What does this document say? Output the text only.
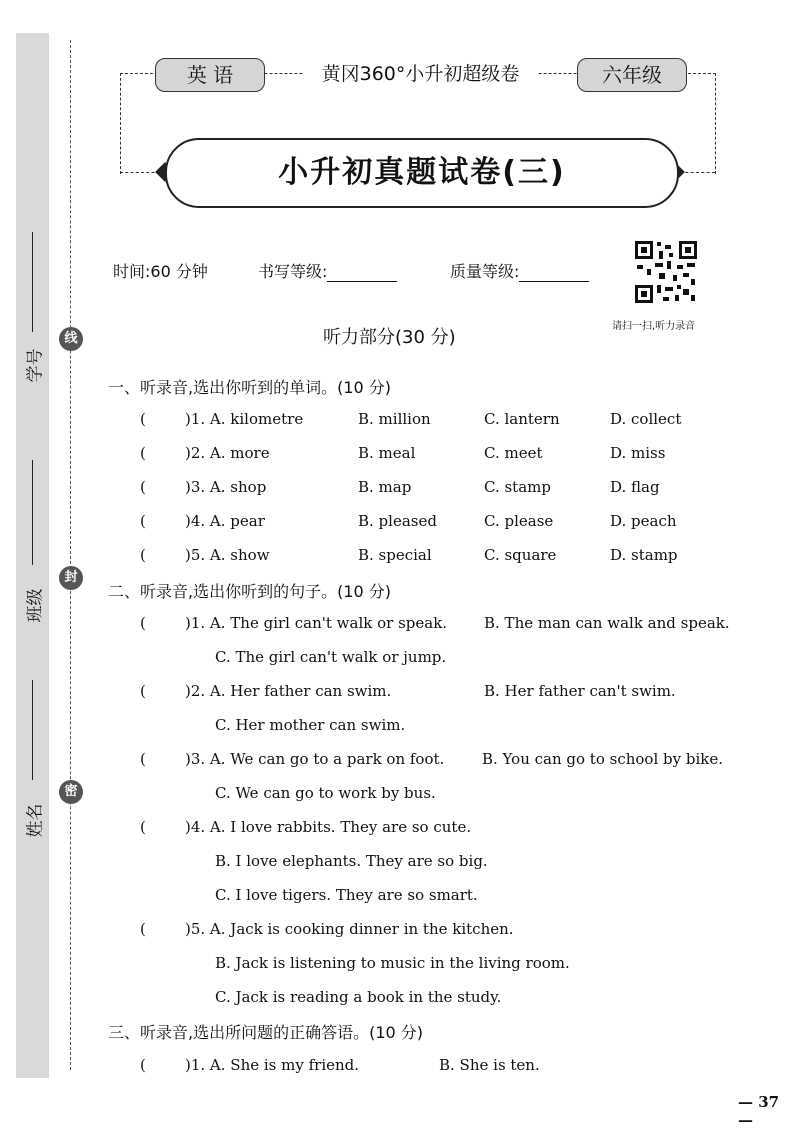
学号
班级
姓名
线
封
密
英 语	黄冈360°小升初超级卷	六年级
小升初真题试卷(三)
时间:60 分钟	书写等级:	质量等级:
请扫一扫,听力录音
听力部分(30 分)
一、听录音,选出你听到的单词。(10 分)
(	)1. A. kilometre	B. million	C. lantern	D. collect
(	)2. A. more	B. meal	C. meet	D. miss
(	)3. A. shop	B. map	C. stamp	D. flag
(	)4. A. pear	B. pleased	C. please	D. peach
(	)5. A. show	B. special	C. square	D. stamp
二、听录音,选出你听到的句子。(10 分)
(	)1. A. The girl can't walk or speak. B. The man can walk and speak.
C. The girl can't walk or jump.
(	)2. A. Her father can swim.	B. Her father can't swim.
C. Her mother can swim.
(	)3. A. We can go to a park on foot.	B. You can go to school by bike.
C. We can go to work by bus.
(	)4. A. I love rabbits. They are so cute.
B. I love elephants. They are so big.
C. I love tigers. They are so smart.
(	)5. A. Jack is cooking dinner in the kitchen.
B. Jack is listening to music in the living room.
C. Jack is reading a book in the study.
三、听录音,选出所问题的正确答语。(10 分)
(	)1. A. She is my friend.	B. She is ten.
— 37 —
